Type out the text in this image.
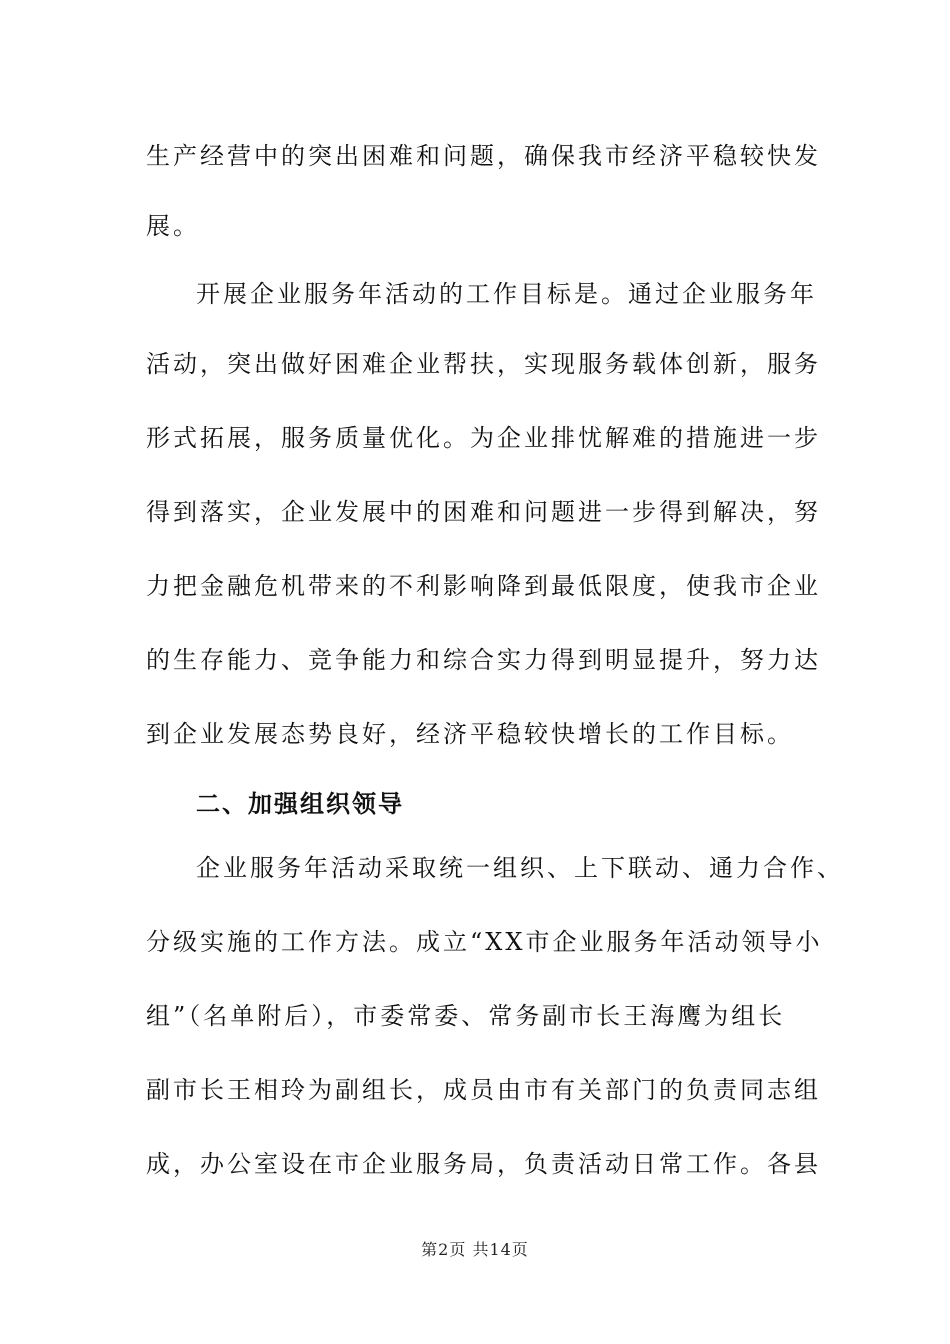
生产经营中的突出困难和问题，确保我市经济平稳较快发
展。
开展企业服务年活动的工作目标是。通过企业服务年
活动，突出做好困难企业帮扶，实现服务载体创新，服务
形式拓展，服务质量优化。为企业排忧解难的措施进一步
得到落实，企业发展中的困难和问题进一步得到解决，努
力把金融危机带来的不利影响降到最低限度，使我市企业
的生存能力、竞争能力和综合实力得到明显提升，努力达
到企业发展态势良好，经济平稳较快增长的工作目标。
二、加强组织领导
企业服务年活动采取统一组织、上下联动、通力合作、
分级实施的工作方法。成立“XX市企业服务年活动领导小
组”（名单附后），市委常委、常务副市长王海鹰为组长
副市长王相玲为副组长，成员由市有关部门的负责同志组
成，办公室设在市企业服务局，负责活动日常工作。各县
第2页 共14页
